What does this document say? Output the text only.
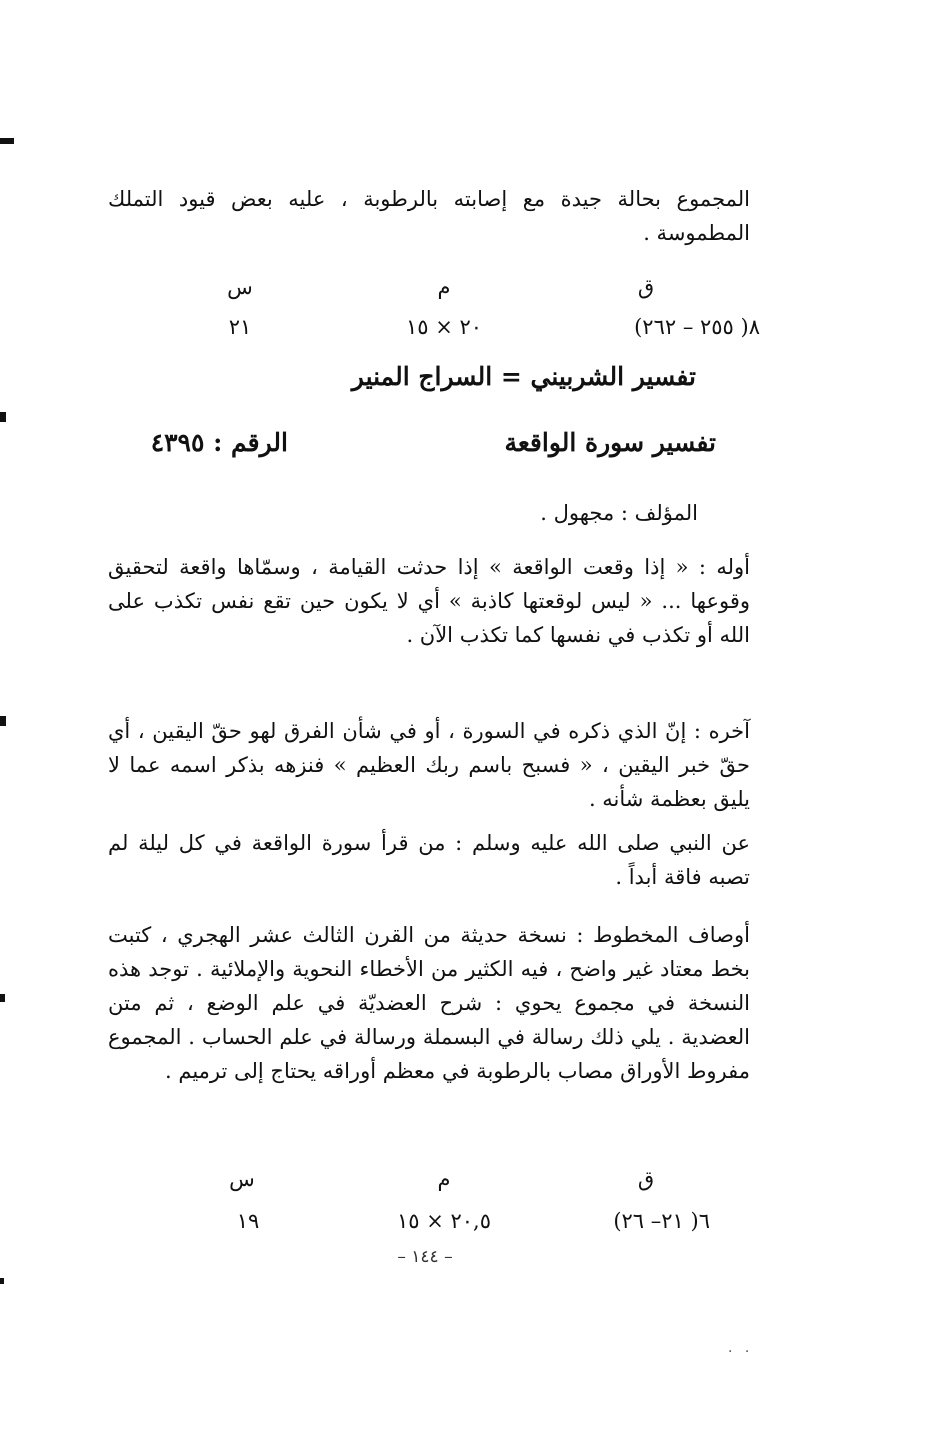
المجموع بحالة جيدة مع إصابته بالرطوبة ، عليه بعض قيود التملك المطموسة .
ق
م
س
٨( ٢٥٥ – ٢٦٢)
٢٠ × ١٥
٢١
تفسير الشربيني = السراج المنير
تفسير سورة الواقعة
الرقم : ٤٣٩٥
المؤلف : مجهول .
أوله : « إذا وقعت الواقعة » إذا حدثت القيامة ، وسمّاها واقعة لتحقيق وقوعها ... « ليس لوقعتها كاذبة » أي لا يكون حين تقع نفس تكذب على الله أو تكذب في نفسها كما تكذب الآن .
آخره : إنّ الذي ذكره في السورة ، أو في شأن الفرق لهو حقّ اليقين ، أي حقّ خبر اليقين ، « فسبح باسم ربك العظيم » فنزهه بذكر اسمه عما لا يليق بعظمة شأنه .
عن النبي صلى الله عليه وسلم : من قرأ سورة الواقعة في كل ليلة لم تصبه فاقة أبداً .
أوصاف المخطوط : نسخة حديثة من القرن الثالث عشر الهجري ، كتبت بخط معتاد غير واضح ، فيه الكثير من الأخطاء النحوية والإملائية . توجد هذه النسخة في مجموع يحوي : شرح العضديّة في علم الوضع ، ثم متن العضدية . يلي ذلك رسالة في البسملة ورسالة في علم الحساب . المجموع مفروط الأوراق مصاب بالرطوبة في معظم أوراقه يحتاج إلى ترميم .
ق
م
س
٦( ٢١– ٢٦)
٢٠,٥ × ١٥
١٩
– ١٤٤ –
· ·
